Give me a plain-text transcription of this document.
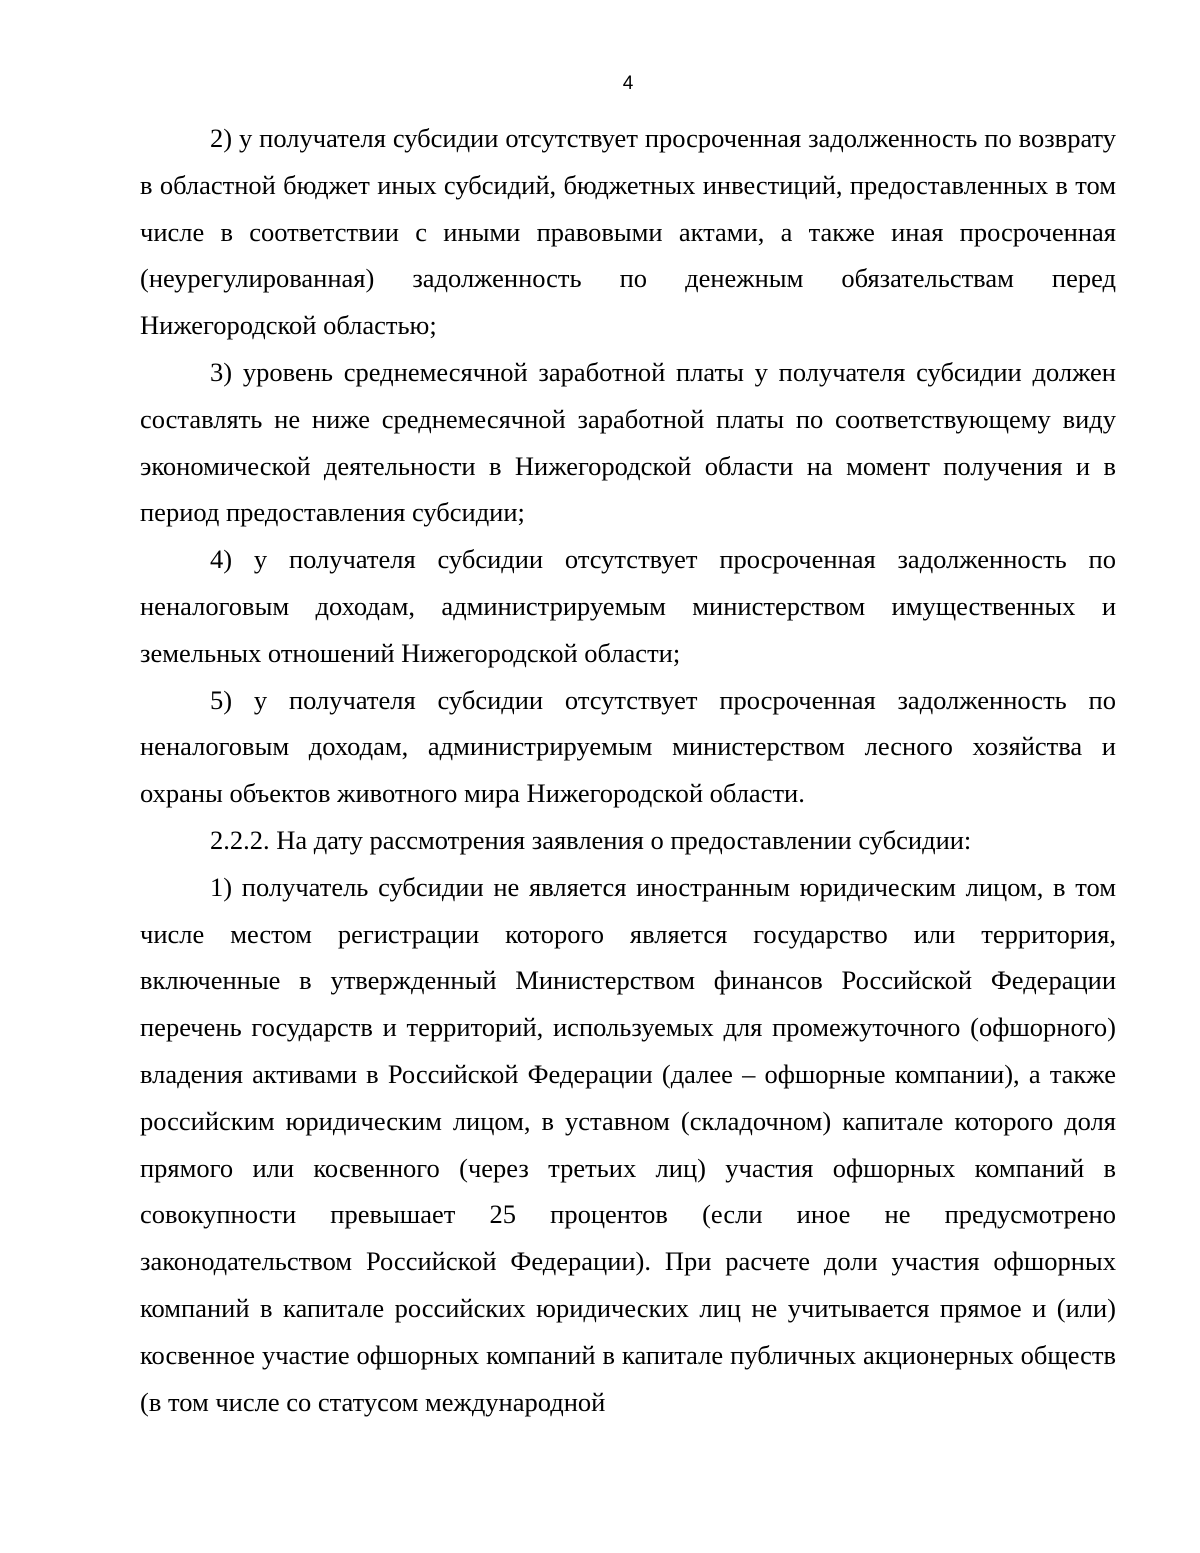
4

2) у получателя субсидии отсутствует просроченная задолженность по возврату в областной бюджет иных субсидий, бюджетных инвестиций, предоставленных в том числе в соответствии с иными правовыми актами, а также иная просроченная (неурегулированная) задолженность по денежным обязательствам перед Нижегородской областью;

3) уровень среднемесячной заработной платы у получателя субсидии должен составлять не ниже среднемесячной заработной платы по соответствующему виду экономической деятельности в Нижегородской области на момент получения и в период предоставления субсидии;

4) у получателя субсидии отсутствует просроченная задолженность по неналоговым доходам, администрируемым министерством имущественных и земельных отношений Нижегородской области;

5) у получателя субсидии отсутствует просроченная задолженность по неналоговым доходам, администрируемым министерством лесного хозяйства и охраны объектов животного мира Нижегородской области.

2.2.2. На дату рассмотрения заявления о предоставлении субсидии:

1) получатель субсидии не является иностранным юридическим лицом, в том числе местом регистрации которого является государство или территория, включенные в утвержденный Министерством финансов Российской Федерации перечень государств и территорий, используемых для промежуточного (офшорного) владения активами в Российской Федерации (далее – офшорные компании), а также российским юридическим лицом, в уставном (складочном) капитале которого доля прямого или косвенного (через третьих лиц) участия офшорных компаний в совокупности превышает 25 процентов (если иное не предусмотрено законодательством Российской Федерации). При расчете доли участия офшорных компаний в капитале российских юридических лиц не учитывается прямое и (или) косвенное участие офшорных компаний в капитале публичных акционерных обществ (в том числе со статусом международной
